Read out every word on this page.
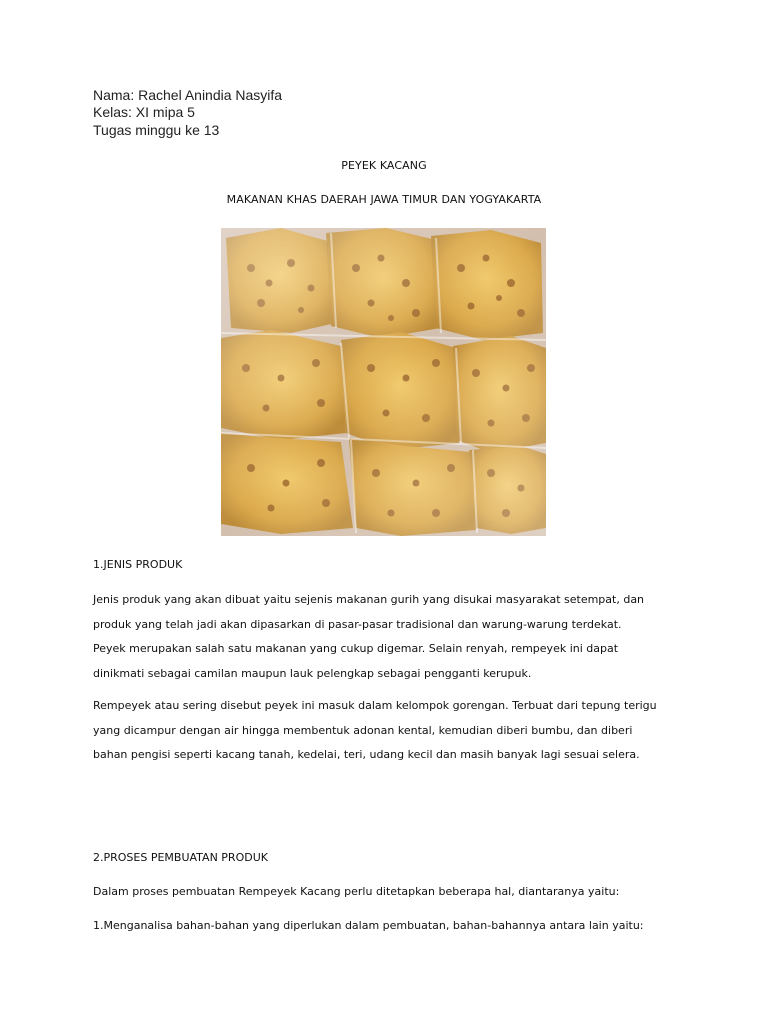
Nama: Rachel Anindia Nasyifa
Kelas: XI mipa 5
Tugas minggu ke 13
PEYEK KACANG
MAKANAN KHAS DAERAH JAWA TIMUR DAN YOGYAKARTA
1.JENIS PRODUK
Jenis produk yang akan dibuat yaitu sejenis makanan gurih yang disukai masyarakat setempat, dan
produk yang telah jadi akan dipasarkan di pasar-pasar tradisional dan warung-warung terdekat.
Peyek merupakan salah satu makanan yang cukup digemar. Selain renyah, rempeyek ini dapat
dinikmati sebagai camilan maupun lauk pelengkap sebagai pengganti kerupuk.
Rempeyek atau sering disebut peyek ini masuk dalam kelompok gorengan. Terbuat dari tepung terigu
yang dicampur dengan air hingga membentuk adonan kental, kemudian diberi bumbu, dan diberi
bahan pengisi seperti kacang tanah, kedelai, teri, udang kecil dan masih banyak lagi sesuai selera.
2.PROSES PEMBUATAN PRODUK
Dalam proses pembuatan Rempeyek Kacang perlu ditetapkan beberapa hal, diantaranya yaitu:
1.Menganalisa bahan-bahan yang diperlukan dalam pembuatan, bahan-bahannya antara lain yaitu:
